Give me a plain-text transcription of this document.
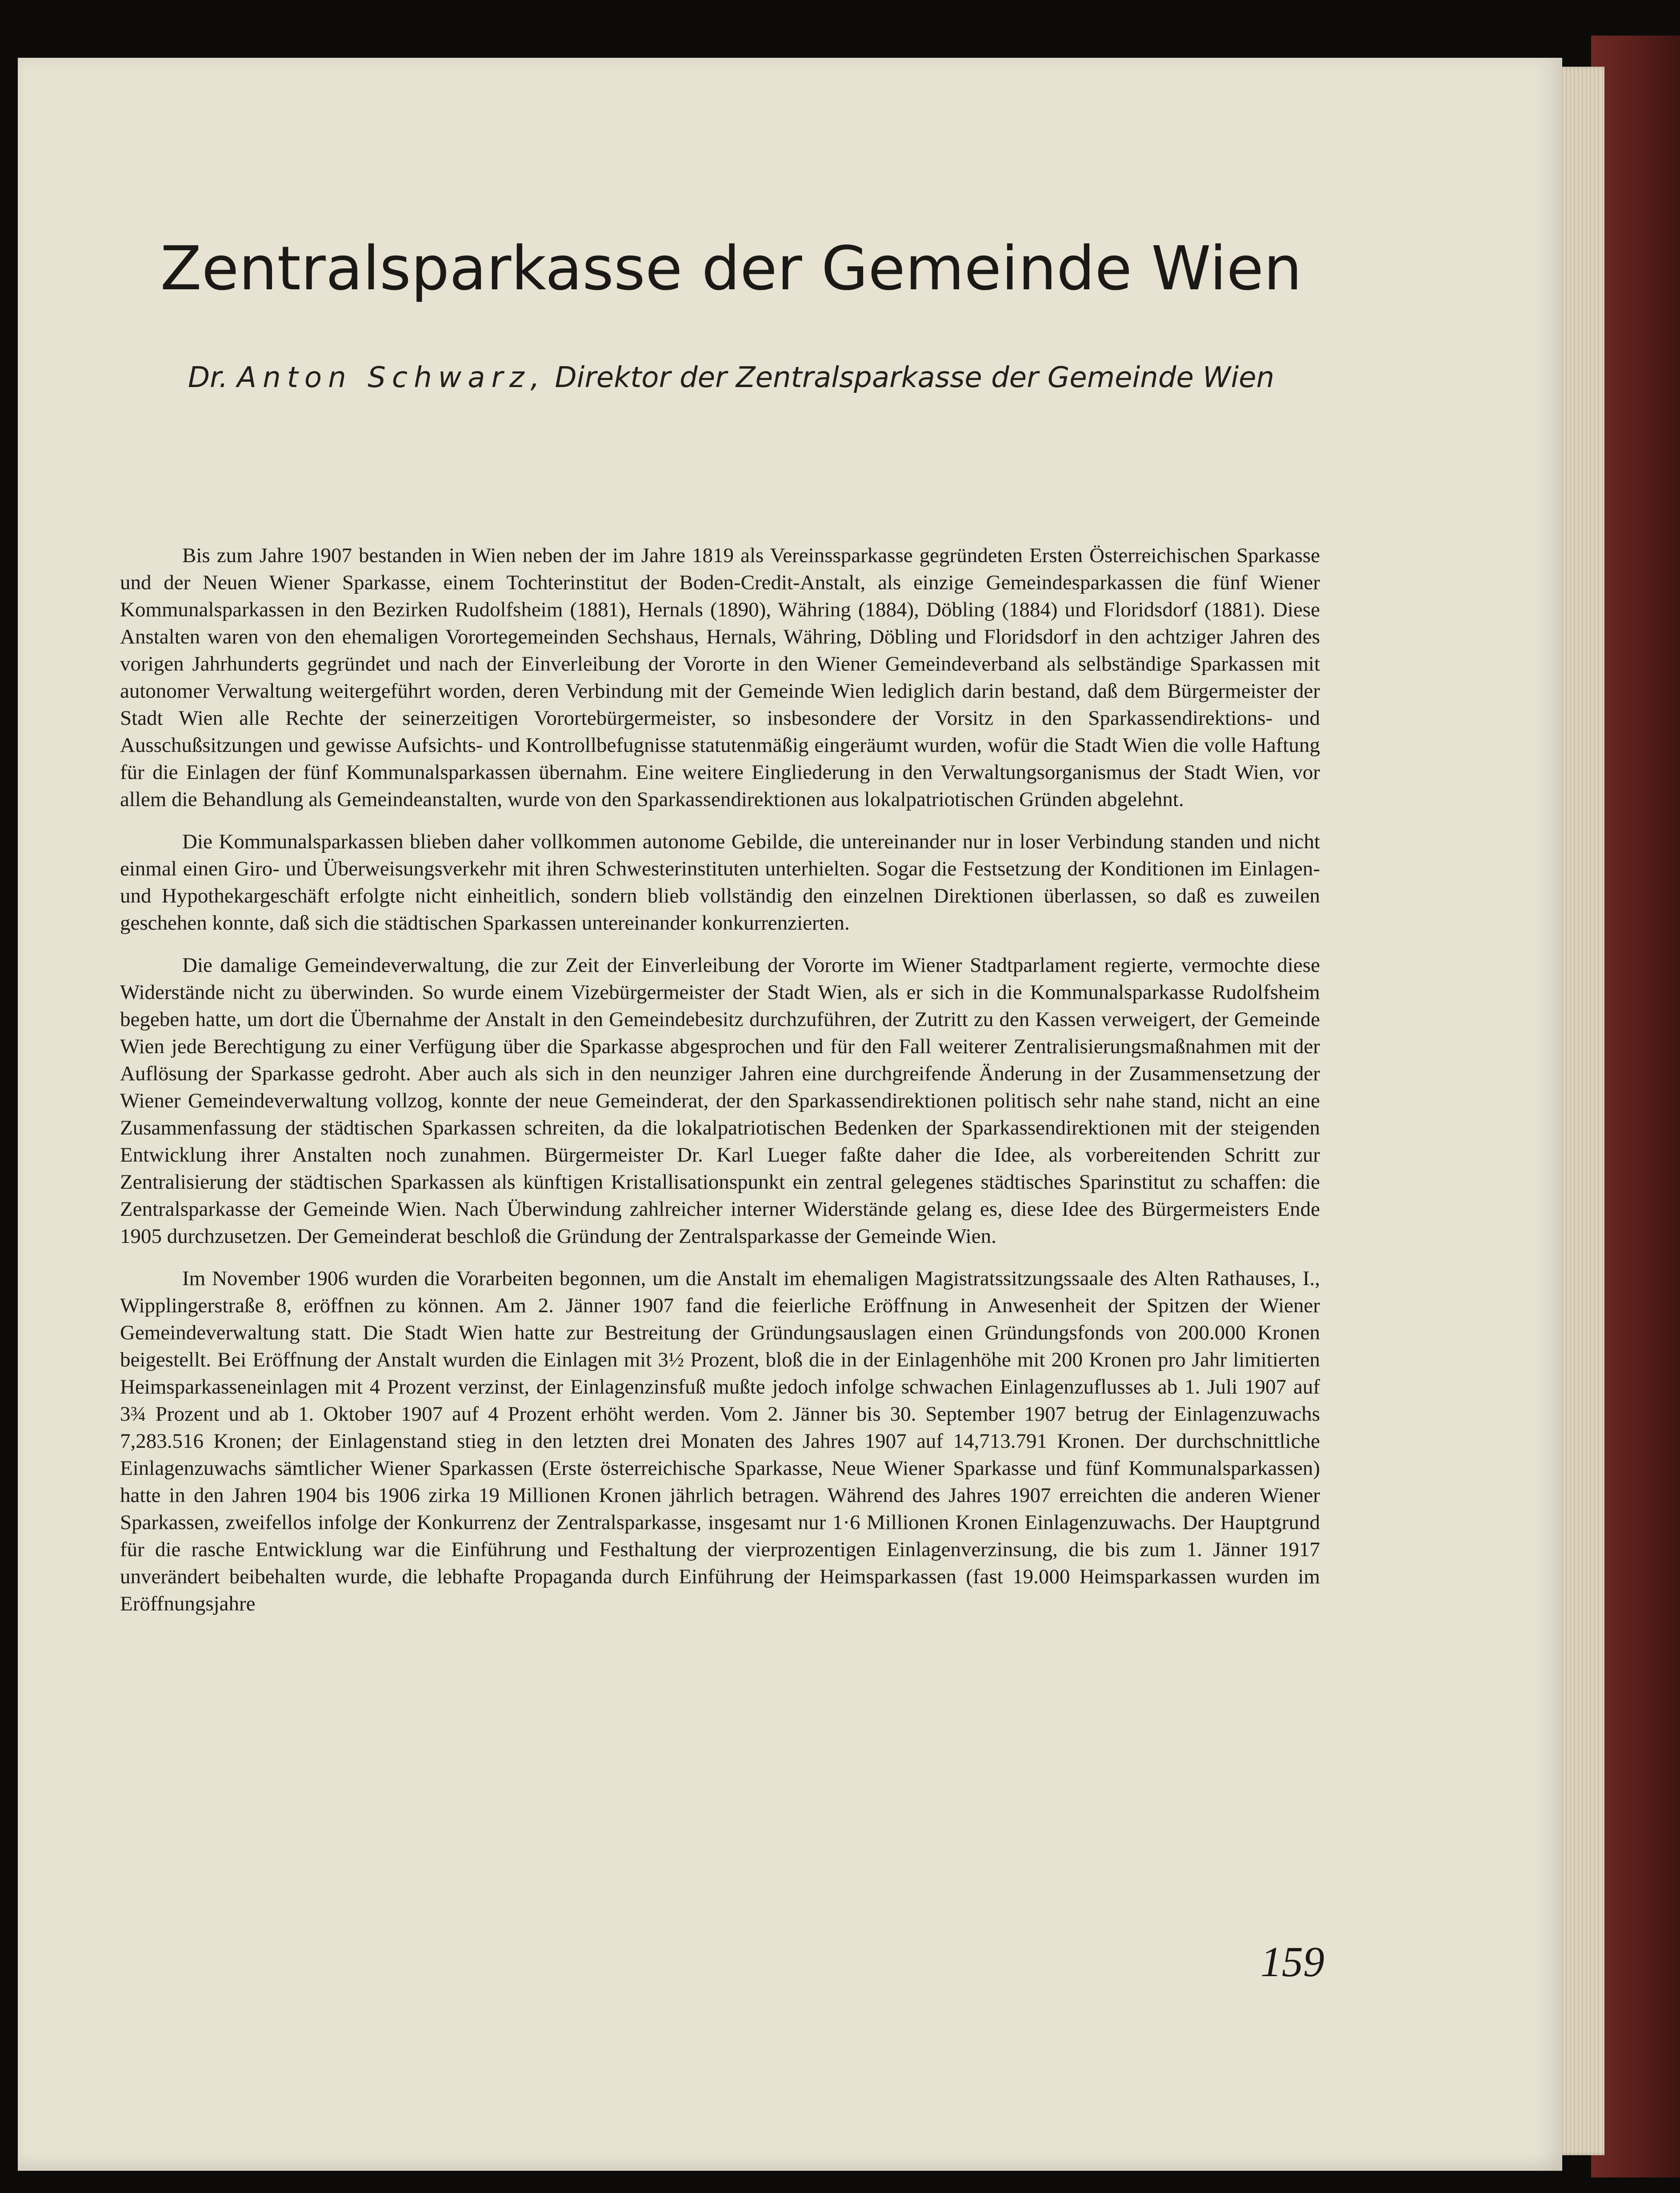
Zentralsparkasse der Gemeinde Wien
Dr. Anton Schwarz, Direktor der Zentralsparkasse der Gemeinde Wien

Bis zum Jahre 1907 bestanden in Wien neben der im Jahre 1819 als Vereinssparkasse gegründeten Ersten Österreichischen Sparkasse und der Neuen Wiener Sparkasse, einem Tochterinstitut der Boden-Credit-Anstalt, als einzige Gemeindesparkassen die fünf Wiener Kommunalsparkassen in den Bezirken Rudolfsheim (1881), Hernals (1890), Währing (1884), Döbling (1884) und Floridsdorf (1881). Diese Anstalten waren von den ehemaligen Vorortegemeinden Sechshaus, Hernals, Währing, Döbling und Floridsdorf in den achtziger Jahren des vorigen Jahrhunderts gegründet und nach der Einverleibung der Vororte in den Wiener Gemeindeverband als selbständige Sparkassen mit autonomer Verwaltung weitergeführt worden, deren Verbindung mit der Gemeinde Wien lediglich darin bestand, daß dem Bürgermeister der Stadt Wien alle Rechte der seinerzeitigen Vorortebürgermeister, so insbesondere der Vorsitz in den Sparkassendirektions- und Ausschußsitzungen und gewisse Aufsichts- und Kontrollbefugnisse statutenmäßig eingeräumt wurden, wofür die Stadt Wien die volle Haftung für die Einlagen der fünf Kommunalsparkassen übernahm. Eine weitere Eingliederung in den Verwaltungsorganismus der Stadt Wien, vor allem die Behandlung als Gemeindeanstalten, wurde von den Sparkassendirektionen aus lokalpatriotischen Gründen abgelehnt.

Die Kommunalsparkassen blieben daher vollkommen autonome Gebilde, die untereinander nur in loser Verbindung standen und nicht einmal einen Giro- und Überweisungsverkehr mit ihren Schwesterinstituten unterhielten. Sogar die Festsetzung der Konditionen im Einlagen- und Hypothekargeschäft erfolgte nicht einheitlich, sondern blieb vollständig den einzelnen Direktionen überlassen, so daß es zuweilen geschehen konnte, daß sich die städtischen Sparkassen untereinander konkurrenzierten.

Die damalige Gemeindeverwaltung, die zur Zeit der Einverleibung der Vororte im Wiener Stadtparlament regierte, vermochte diese Widerstände nicht zu überwinden. So wurde einem Vizebürgermeister der Stadt Wien, als er sich in die Kommunalsparkasse Rudolfsheim begeben hatte, um dort die Übernahme der Anstalt in den Gemeindebesitz durchzuführen, der Zutritt zu den Kassen verweigert, der Gemeinde Wien jede Berechtigung zu einer Verfügung über die Sparkasse abgesprochen und für den Fall weiterer Zentralisierungsmaßnahmen mit der Auflösung der Sparkasse gedroht. Aber auch als sich in den neunziger Jahren eine durchgreifende Änderung in der Zusammensetzung der Wiener Gemeindeverwaltung vollzog, konnte der neue Gemeinderat, der den Sparkassendirektionen politisch sehr nahe stand, nicht an eine Zusammenfassung der städtischen Sparkassen schreiten, da die lokalpatriotischen Bedenken der Sparkassendirektionen mit der steigenden Entwicklung ihrer Anstalten noch zunahmen. Bürgermeister Dr. Karl Lueger faßte daher die Idee, als vorbereitenden Schritt zur Zentralisierung der städtischen Sparkassen als künftigen Kristallisationspunkt ein zentral gelegenes städtisches Sparinstitut zu schaffen: die Zentralsparkasse der Gemeinde Wien. Nach Überwindung zahlreicher interner Widerstände gelang es, diese Idee des Bürgermeisters Ende 1905 durchzusetzen. Der Gemeinderat beschloß die Gründung der Zentralsparkasse der Gemeinde Wien.

Im November 1906 wurden die Vorarbeiten begonnen, um die Anstalt im ehemaligen Magistratssitzungssaale des Alten Rathauses, I., Wipplingerstraße 8, eröffnen zu können. Am 2. Jänner 1907 fand die feierliche Eröffnung in Anwesenheit der Spitzen der Wiener Gemeindeverwaltung statt. Die Stadt Wien hatte zur Bestreitung der Gründungsauslagen einen Gründungsfonds von 200.000 Kronen beigestellt. Bei Eröffnung der Anstalt wurden die Einlagen mit 3½ Prozent, bloß die in der Einlagenhöhe mit 200 Kronen pro Jahr limitierten Heimsparkasseneinlagen mit 4 Prozent verzinst, der Einlagenzinsfuß mußte jedoch infolge schwachen Einlagenzuflusses ab 1. Juli 1907 auf 3¾ Prozent und ab 1. Oktober 1907 auf 4 Prozent erhöht werden. Vom 2. Jänner bis 30. September 1907 betrug der Einlagenzuwachs 7,283.516 Kronen; der Einlagenstand stieg in den letzten drei Monaten des Jahres 1907 auf 14,713.791 Kronen. Der durchschnittliche Einlagenzuwachs sämtlicher Wiener Sparkassen (Erste österreichische Sparkasse, Neue Wiener Sparkasse und fünf Kommunalsparkassen) hatte in den Jahren 1904 bis 1906 zirka 19 Millionen Kronen jährlich betragen. Während des Jahres 1907 erreichten die anderen Wiener Sparkassen, zweifellos infolge der Konkurrenz der Zentralsparkasse, insgesamt nur 1·6 Millionen Kronen Einlagenzuwachs. Der Hauptgrund für die rasche Entwicklung war die Einführung und Festhaltung der vierprozentigen Einlagenverzinsung, die bis zum 1. Jänner 1917 unverändert beibehalten wurde, die lebhafte Propaganda durch Einführung der Heimsparkassen (fast 19.000 Heimsparkassen wurden im Eröffnungsjahre

159
